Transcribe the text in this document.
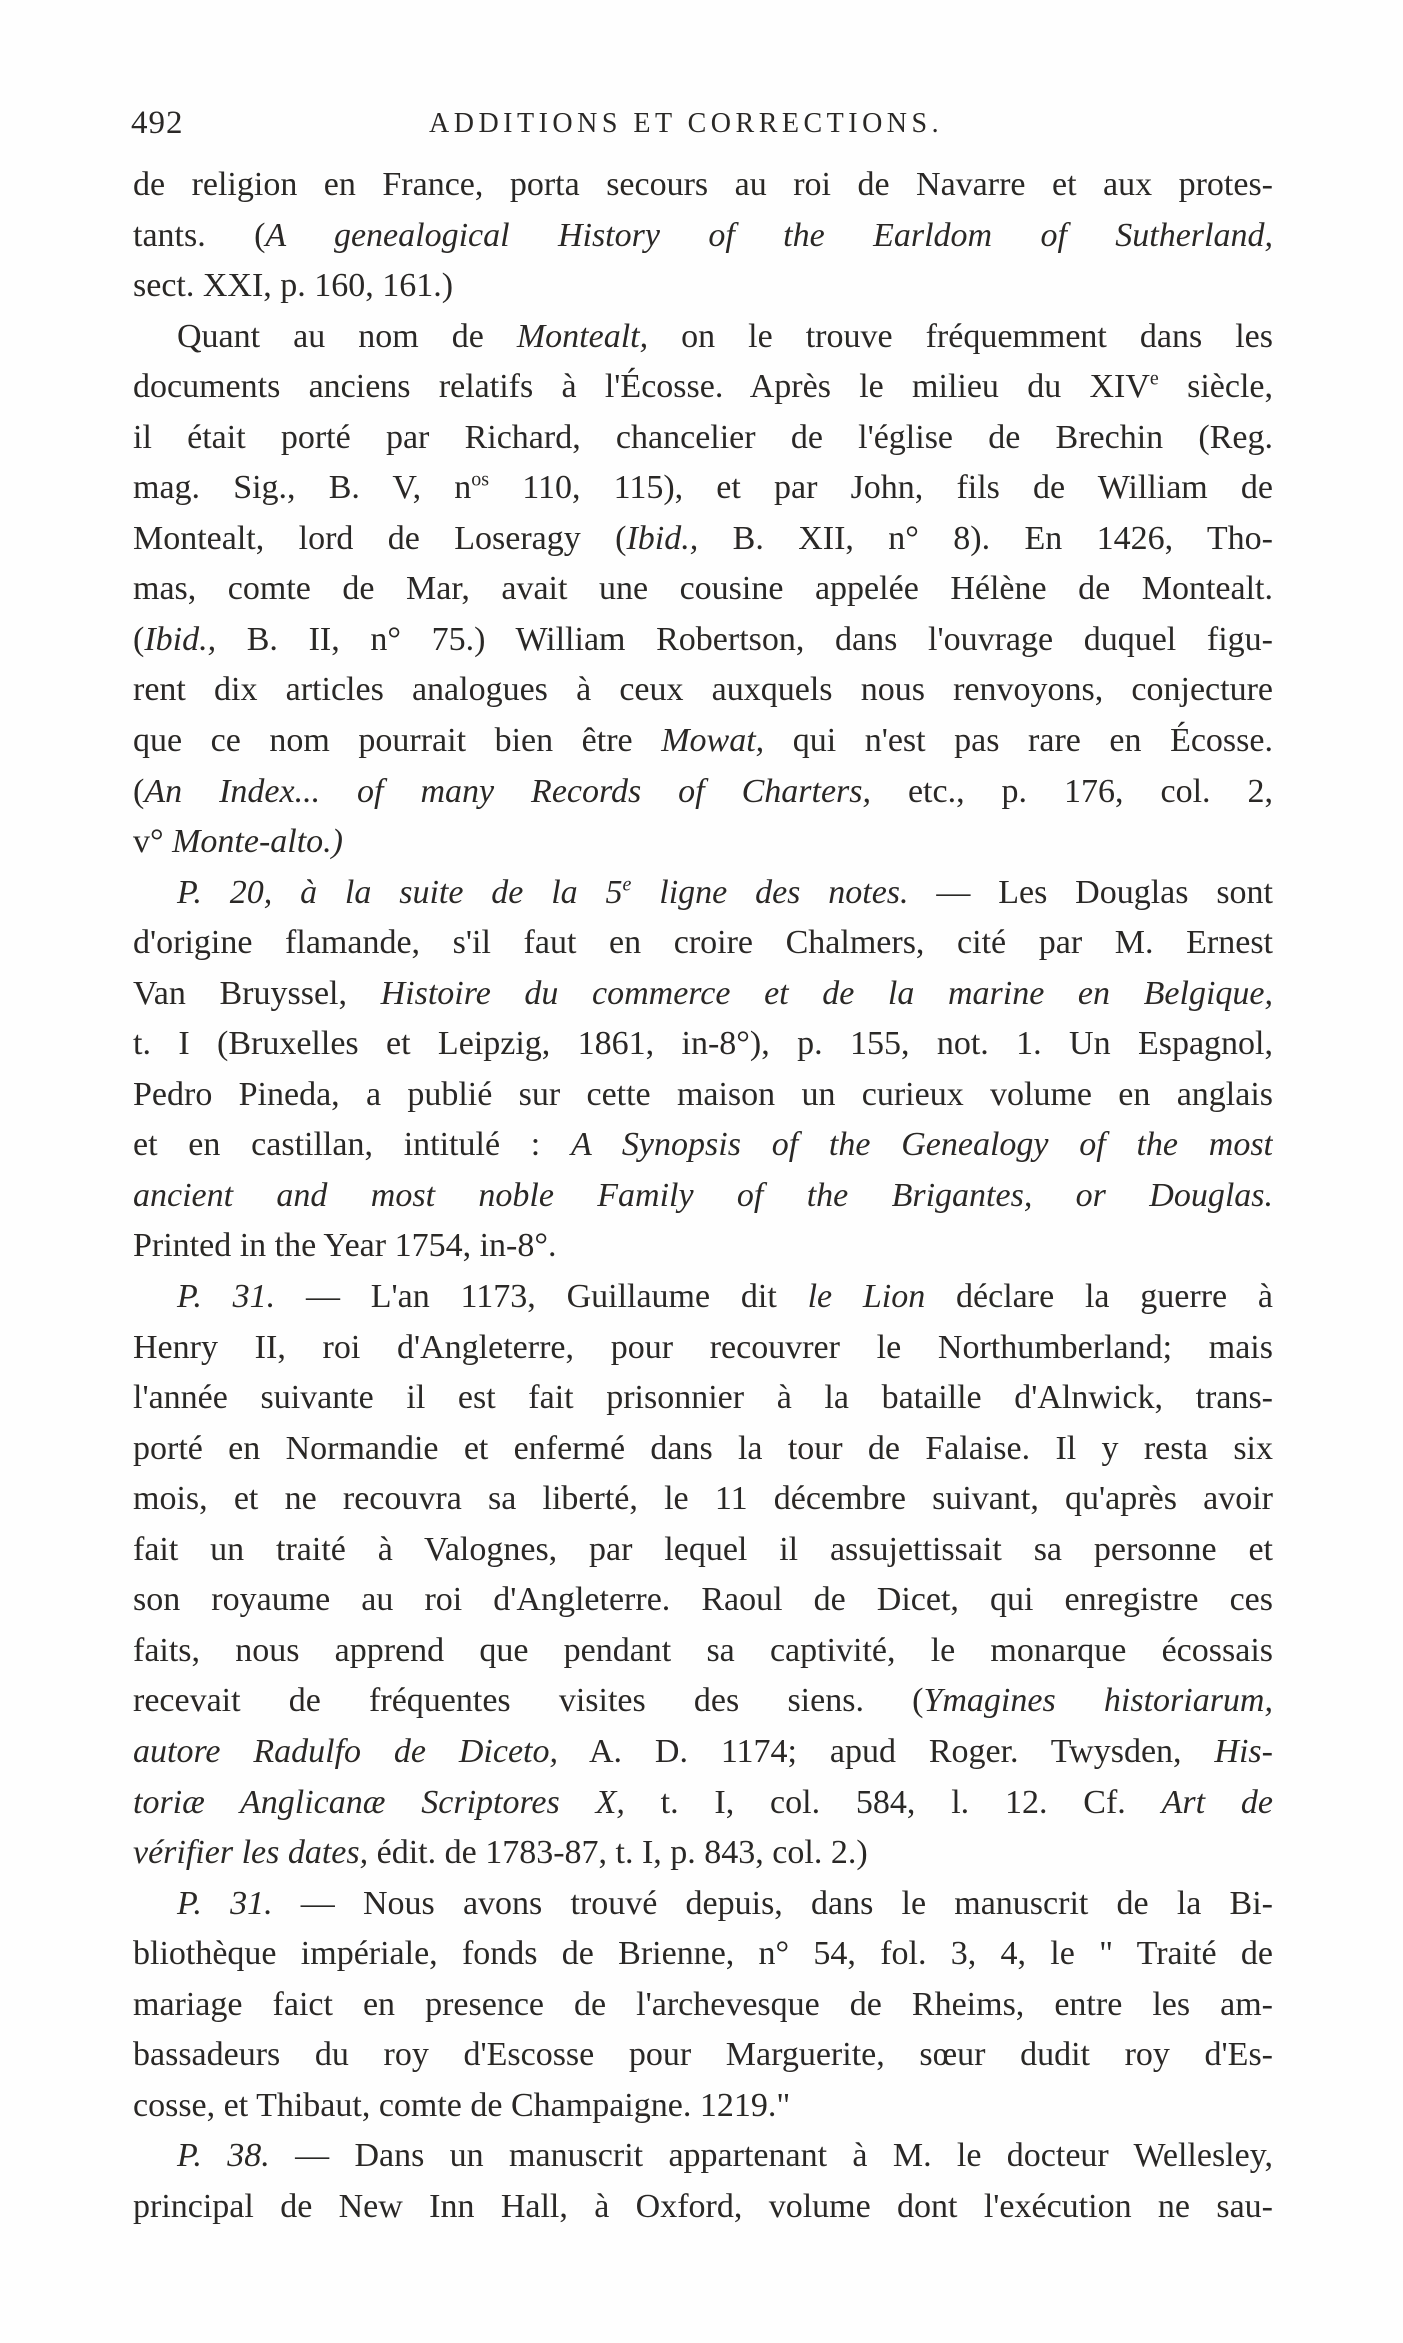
492	ADDITIONS ET CORRECTIONS.
de religion en France, porta secours au roi de Navarre et aux protes-
tants. (A genealogical History of the Earldom of Sutherland,
sect. XXI, p. 160, 161.)
Quant au nom de Montealt, on le trouve fréquemment dans les
documents anciens relatifs à l'Écosse. Après le milieu du XIVe siècle,
il était porté par Richard, chancelier de l'église de Brechin (Reg.
mag. Sig., B. V, $n^{os}$ 110, 115), et par John, fils de William de
Montealt, lord de Loseragy (Ibid., B. XII, n° 8). En 1426, Tho-
mas, comte de Mar, avait une cousine appelée Hélène de Montealt.
(Ibid., B. II, n° 75.) William Robertson, dans l'ouvrage duquel figu-
rent dix articles analogues à ceux auxquels nous renvoyons, conjecture
que ce nom pourrait bien être Mowat, qui n'est pas rare en Écosse.
(An Index... of many Records of Charters, etc., p. 176, col. 2,
v° Monte-alto.)
P. 20, à la suite de la 5e ligne des notes. — Les Douglas sont
d'origine flamande, s'il faut en croire Chalmers, cité par M. Ernest
Van Bruyssel, Histoire du commerce et de la marine en Belgique,
t. I (Bruxelles et Leipzig, 1861, in-8°), p. 155, not. 1. Un Espagnol,
Pedro Pineda, a publié sur cette maison un curieux volume en anglais
et en castillan, intitulé : A Synopsis of the Genealogy of the most
ancient and most noble Family of the Brigantes, or Douglas.
Printed in the Year 1754, in-8°.
P. 31. — L'an 1173, Guillaume dit le Lion déclare la guerre à
Henry II, roi d'Angleterre, pour recouvrer le Northumberland; mais
l'année suivante il est fait prisonnier à la bataille d'Alnwick, trans-
porté en Normandie et enfermé dans la tour de Falaise. Il y resta six
mois, et ne recouvra sa liberté, le 11 décembre suivant, qu'après avoir
fait un traité à Valognes, par lequel il assujettissait sa personne et
son royaume au roi d'Angleterre. Raoul de Dicet, qui enregistre ces
faits, nous apprend que pendant sa captivité, le monarque écossais
recevait de fréquentes visites des siens. (Ymagines historiarum,
autore Radulfo de Diceto, A. D. 1174; apud Roger. Twysden, His-
toriæ Anglicanæ Scriptores X, t. I, col. 584, l. 12. Cf. Art de
vérifier les dates, édit. de 1783-87, t. I, p. 843, col. 2.)
P. 31. — Nous avons trouvé depuis, dans le manuscrit de la Bi-
bliothèque impériale, fonds de Brienne, n° 54, fol. 3, 4, le " Traité de
mariage faict en presence de l'archevesque de Rheims, entre les am-
bassadeurs du roy d'Escosse pour Marguerite, sœur dudit roy d'Es-
cosse, et Thibaut, comte de Champaigne. 1219."
P. 38. — Dans un manuscrit appartenant à M. le docteur Wellesley,
principal de New Inn Hall, à Oxford, volume dont l'exécution ne sau-
